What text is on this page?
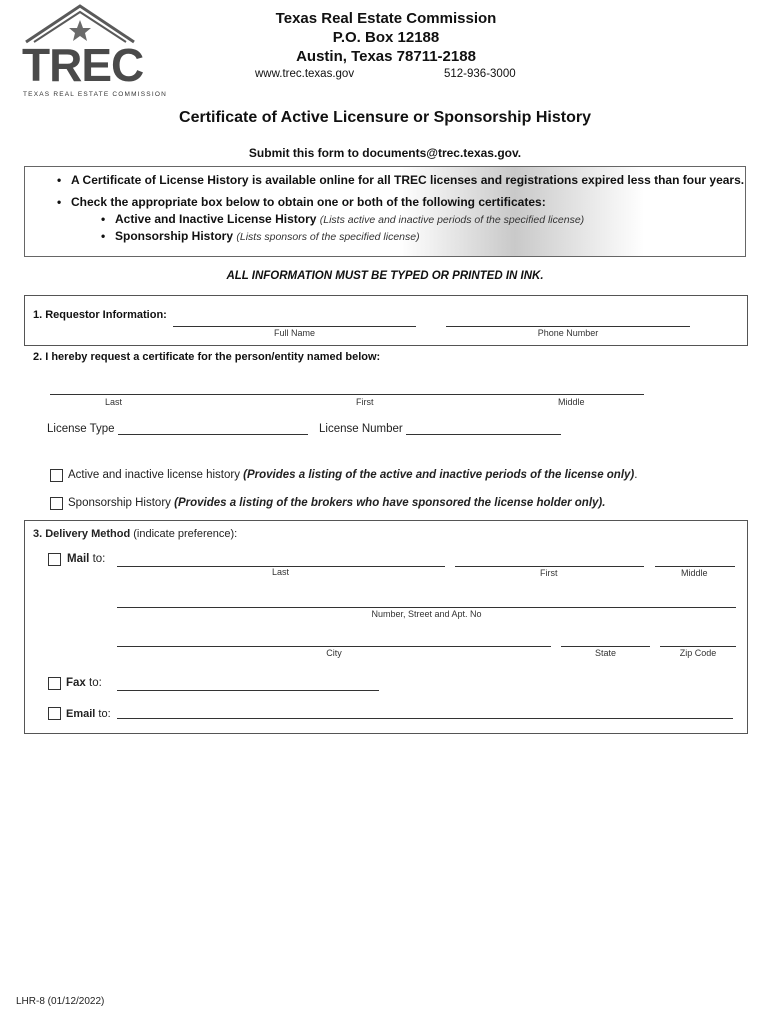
TREC
TEXAS REAL ESTATE COMMISSION
Texas Real Estate Commission
P.O. Box 12188
Austin, Texas 78711-2188
www.trec.texas.gov	512-936-3000
Certificate of Active Licensure or Sponsorship History
Submit this form to documents@trec.texas.gov.
• A Certificate of License History is available online for all TREC licenses and registrations expired less than four years.
• Check the appropriate box below to obtain one or both of the following certificates:
• Active and Inactive License History (Lists active and inactive periods of the specified license)
• Sponsorship History (Lists sponsors of the specified license)
ALL INFORMATION MUST BE TYPED OR PRINTED IN INK.
1. Requestor Information:
Full Name	Phone Number
2. I hereby request a certificate for the person/entity named below:
Last	First	Middle
License Type	License Number
Active and inactive license history (Provides a listing of the active and inactive periods of the license only).
Sponsorship History (Provides a listing of the brokers who have sponsored the license holder only).
3. Delivery Method (indicate preference):
Mail to:
Last	First	Middle
Number, Street and Apt. No
City	State	Zip Code
Fax to:
Email to:
LHR-8 (01/12/2022)
